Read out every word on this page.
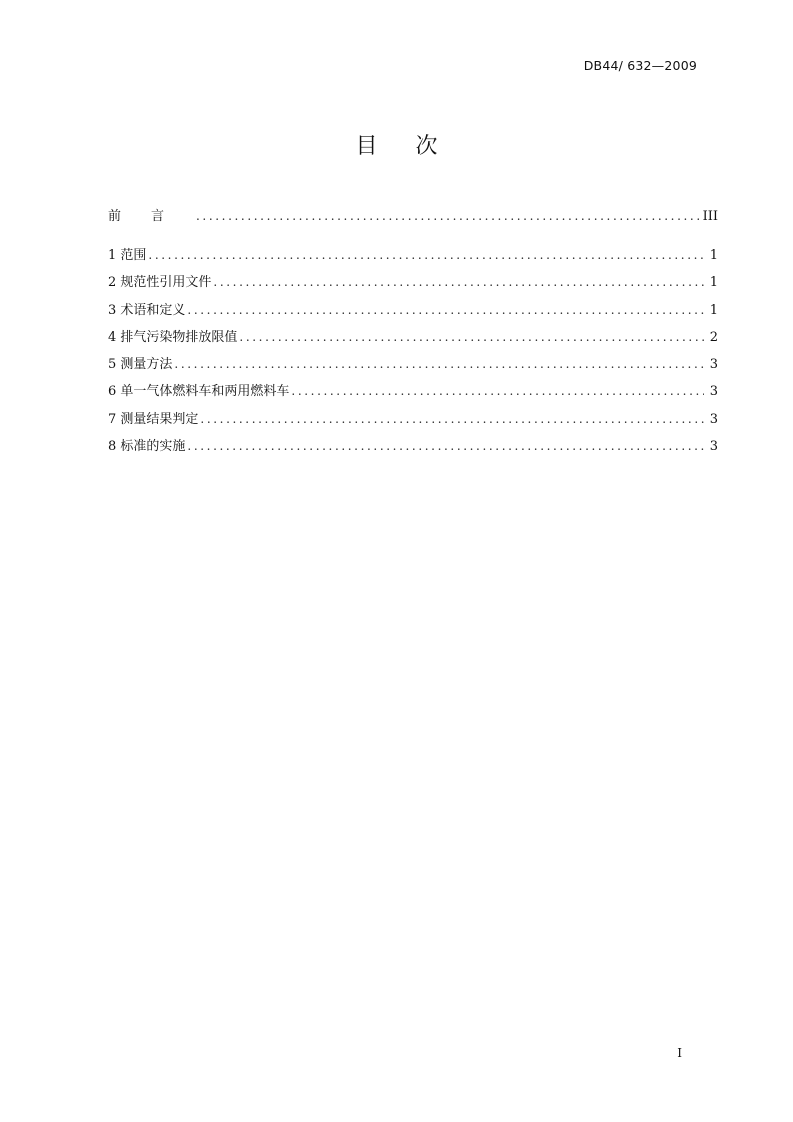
DB44/ 632—2009
目 次
前言 .....	III
1 范围 .....	1
2 规范性引用文件 .....	1
3 术语和定义 .....	1
4 排气污染物排放限值 .....	2
5 测量方法 .....	3
6 单一气体燃料车和两用燃料车 .....	3
7 测量结果判定 .....	3
8 标准的实施 .....	3
I
